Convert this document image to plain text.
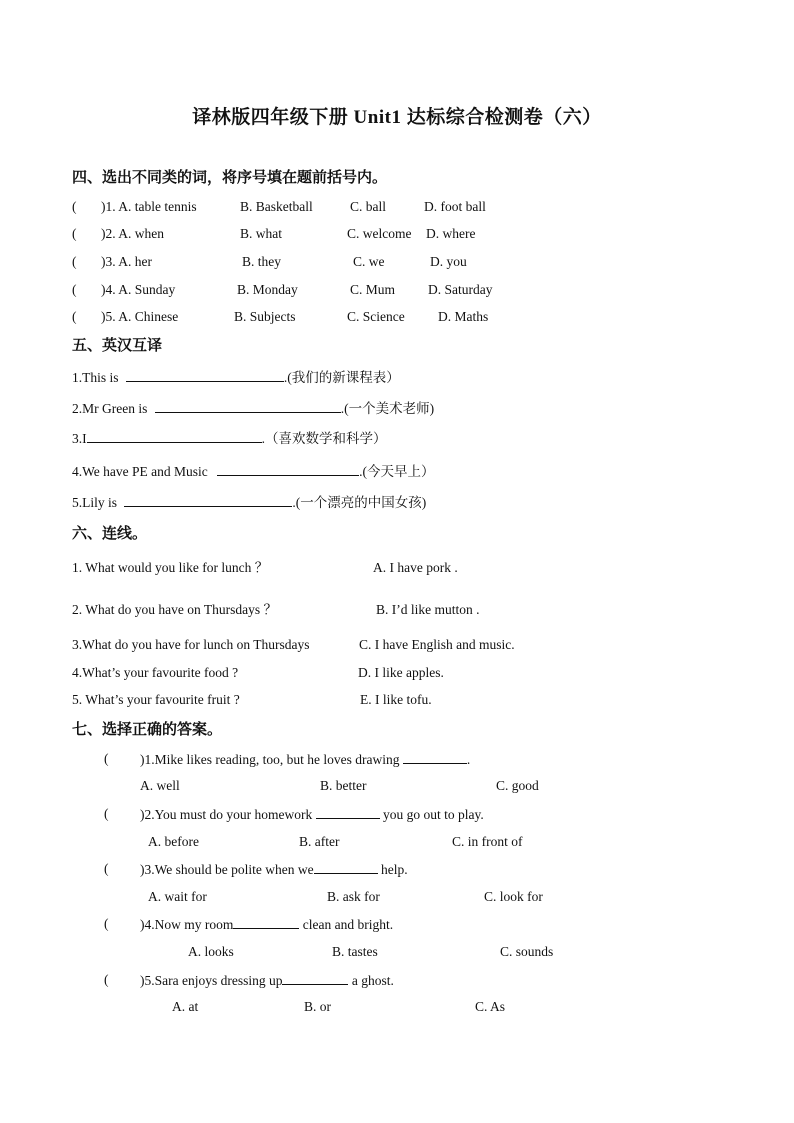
译林版四年级下册 Unit1 达标综合检测卷（六）
四、选出不同类的词，将序号填在题前括号内。
( )1. A. table tennis	B. Basketball	C. ball	D. foot ball
( )2. A. when	B. what	C. welcome D. where
( )3. A. her	B. they	C. we	D. you
( )4. A. Sunday	B. Monday	C. Mum D. Saturday
( )5. A. Chinese	B. Subjects	C. Science D. Maths
五、英汉互译
1.This is	.(我们的新课程表）
2.Mr Green is	.(一个美术老师)
3.I	.（喜欢数学和科学）
4.We have PE and Music	.(今天早上）
5.Lily is	.(一个漂亮的中国女孩)
六、连线。
1. What would you like for lunch ？	A. I have pork .
2. What do you have on Thursdays ？	B. I’d like mutton .
3.What do you have for lunch on Thursdays	C. I have English and music.
4.What’s your favourite food ?	D. I like apples.
5. What’s your favourite fruit ?	E. I like tofu.
七、选择正确的答案。
( )1.Mike likes reading, too, but he loves drawing	.
A. well	B. better	C. good
( )2.You must do your homework	you go out to play.
A. before	B. after	C. in front of
( )3.We should be polite when we	help.
A. wait for	B. ask for	C. look for
( )4.Now my room	clean and bright.
A. looks	B. tastes	C. sounds
( )5.Sara enjoys dressing up	a ghost.
A. at	B. or	C. As
